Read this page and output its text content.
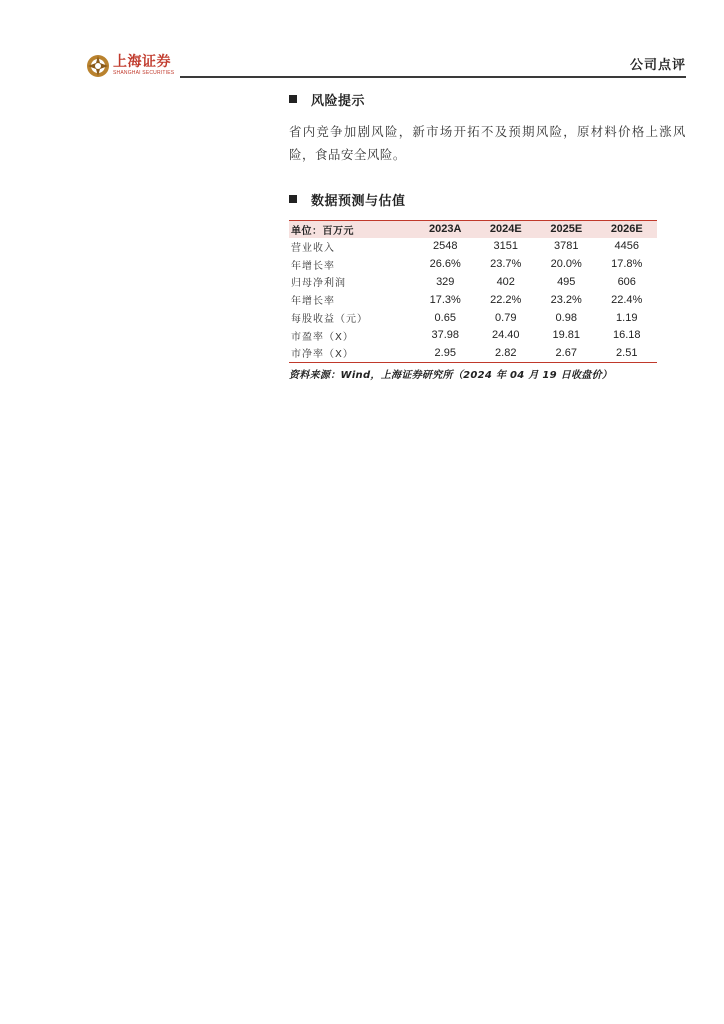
上海证券
SHANGHAI SECURITIES	公司点评
风险提示

省内竞争加剧风险，新市场开拓不及预期风险，原材料价格上涨风险，食品安全风险。

数据预测与估值
单位：百万元	2023A	2024E	2025E	2026E
营业收入	2548	3151	3781	4456
年增长率	26.6%	23.7%	20.0%	17.8%
归母净利润	329	402	495	606
年增长率	17.3%	22.2%	23.2%	22.4%
每股收益（元）	0.65	0.79	0.98	1.19
市盈率（X）	37.98	24.40	19.81	16.18
市净率（X）	2.95	2.82	2.67	2.51
资料来源：Wind，上海证券研究所（2024 年 04 月 19 日收盘价）
